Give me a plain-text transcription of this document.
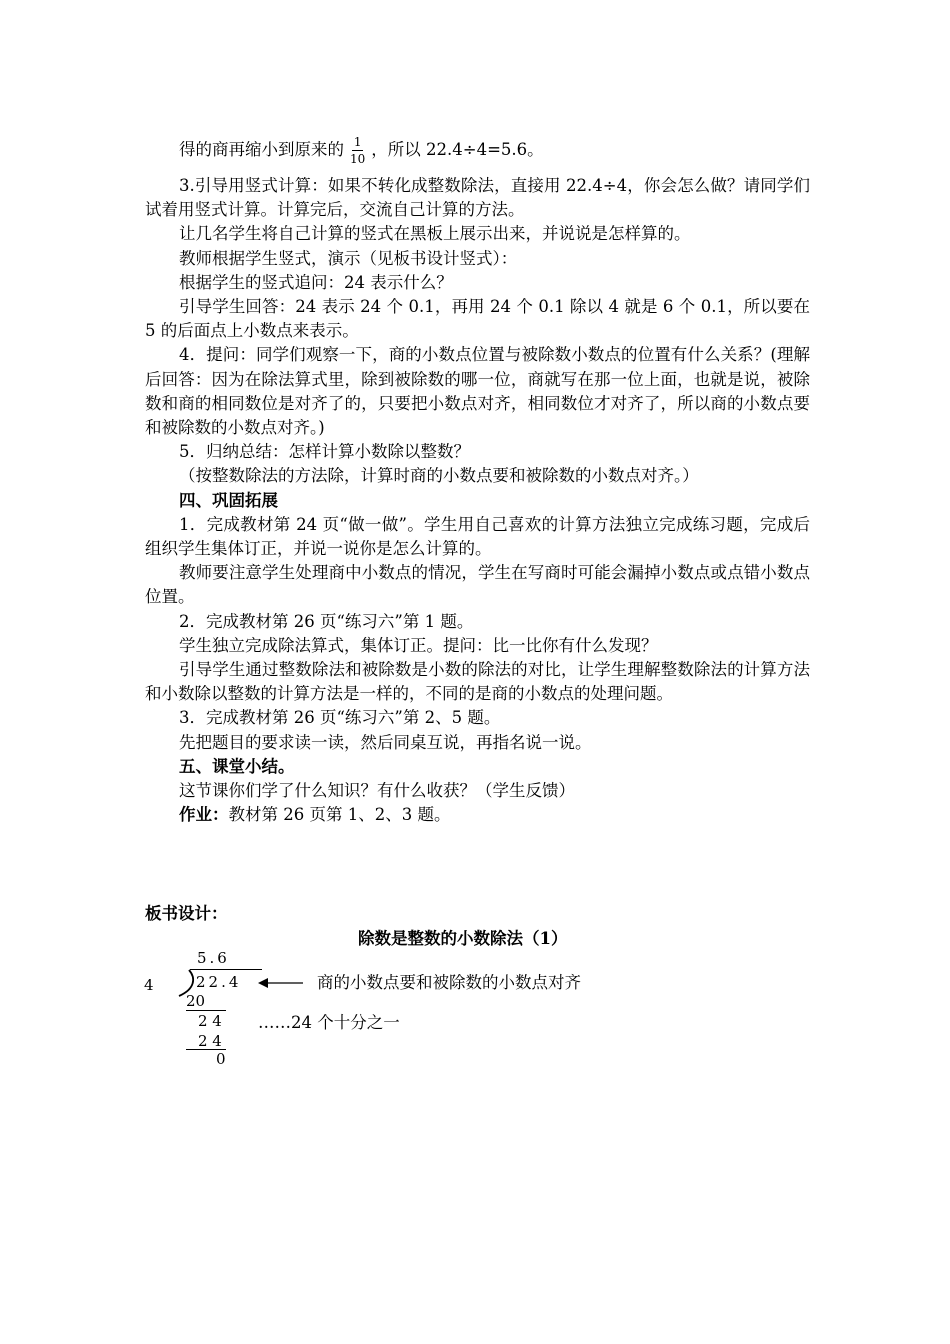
得的商再缩小到原来的 $\frac{1}{10}$ ，所以 22.4÷4=5.6。

3.引导用竖式计算：如果不转化成整数除法，直接用 22.4÷4，你会怎么做？请同学们试着用竖式计算。计算完后，交流自己计算的方法。

让几名学生将自己计算的竖式在黑板上展示出来，并说说是怎样算的。

教师根据学生竖式，演示（见板书设计竖式）：

根据学生的竖式追问：24 表示什么？

引导学生回答：24 表示 24 个 0.1，再用 24 个 0.1 除以 4 就是 6 个 0.1，所以要在 5 的后面点上小数点来表示。

4．提问：同学们观察一下，商的小数点位置与被除数小数点的位置有什么关系？(理解后回答：因为在除法算式里，除到被除数的哪一位，商就写在那一位上面，也就是说，被除数和商的相同数位是对齐了的，只要把小数点对齐，相同数位才对齐了，所以商的小数点要和被除数的小数点对齐。)

5．归纳总结：怎样计算小数除以整数？

（按整数除法的方法除，计算时商的小数点要和被除数的小数点对齐。）

四、巩固拓展

1．完成教材第 24 页“做一做”。学生用自己喜欢的计算方法独立完成练习题，完成后组织学生集体订正，并说一说你是怎么计算的。

教师要注意学生处理商中小数点的情况，学生在写商时可能会漏掉小数点或点错小数点位置。

2．完成教材第 26 页“练习六”第 1 题。

学生独立完成除法算式，集体订正。提问：比一比你有什么发现？

引导学生通过整数除法和被除数是小数的除法的对比，让学生理解整数除法的计算方法和小数除以整数的计算方法是一样的，不同的是商的小数点的处理问题。

3．完成教材第 26 页“练习六”第 2、5 题。

先把题目的要求读一读，然后同桌互说，再指名说一说。

五、课堂小结。

这节课你们学了什么知识？有什么收获？（学生反馈）

作业：教材第 26 页第 1、2、3 题。

板书设计：
除数是整数的小数除法（1）
5.6
4	22.4
20
2 4
2 4
0
商的小数点要和被除数的小数点对齐
……24 个十分之一
